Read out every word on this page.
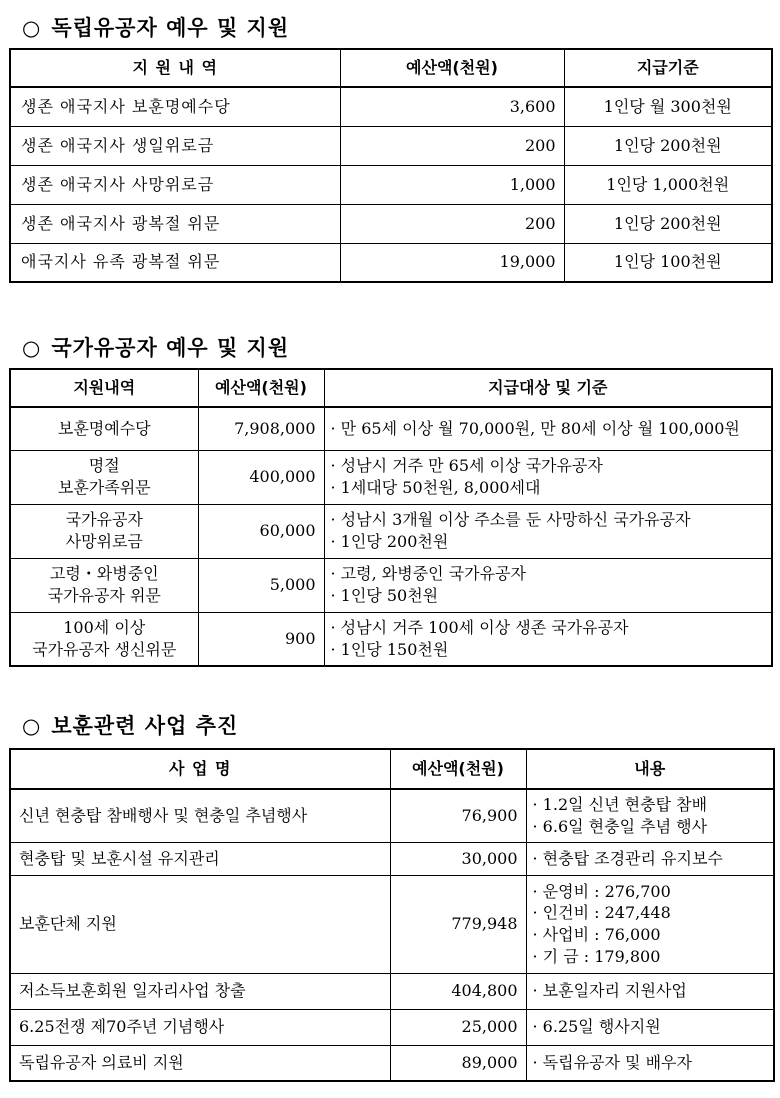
○ 독립유공자 예우 및 지원
지 원 내 역	예산액(천원)	지급기준
생존 애국지사 보훈명예수당	3,600	1인당 월 300천원
생존 애국지사 생일위로금	200	1인당 200천원
생존 애국지사 사망위로금	1,000	1인당 1,000천원
생존 애국지사 광복절 위문	200	1인당 200천원
애국지사 유족 광복절 위문	19,000	1인당 100천원
○ 국가유공자 예우 및 지원
지원내역	예산액(천원)	지급대상 및 기준

보훈명예수당	7,908,000	· 만 65세 이상 월 70,000원, 만 80세 이상 월 100,000원

명절
보훈가족위문	400,000	· 성남시 거주 만 65세 이상 국가유공자
· 1세대당 50천원, 8,000세대

국가유공자
사망위로금	60,000	· 성남시 3개월 이상 주소를 둔 사망하신 국가유공자
· 1인당 200천원

고령・와병중인
국가유공자 위문	5,000	· 고령, 와병중인 국가유공자
· 1인당 50천원

100세 이상
국가유공자 생신위문	900	· 성남시 거주 100세 이상 생존 국가유공자
· 1인당 150천원
○ 보훈관련 사업 추진
사 업 명	예산액(천원)	내용
신년 현충탑 참배행사 및 현충일 추념행사	76,900	· 1.2일 신년 현충탑 참배
· 6.6일 현충일 추념 행사

현충탑 및 보훈시설 유지관리	30,000	· 현충탑 조경관리 유지보수

보훈단체 지원	779,948	· 운영비 : 276,700
· 인건비 : 247,448
· 사업비 : 76,000
· 기 금 : 179,800

저소득보훈회원 일자리사업 창출	404,800	· 보훈일자리 지원사업

6.25전쟁 제70주년 기념행사	25,000	· 6.25일 행사지원

독립유공자 의료비 지원	89,000	· 독립유공자 및 배우자
